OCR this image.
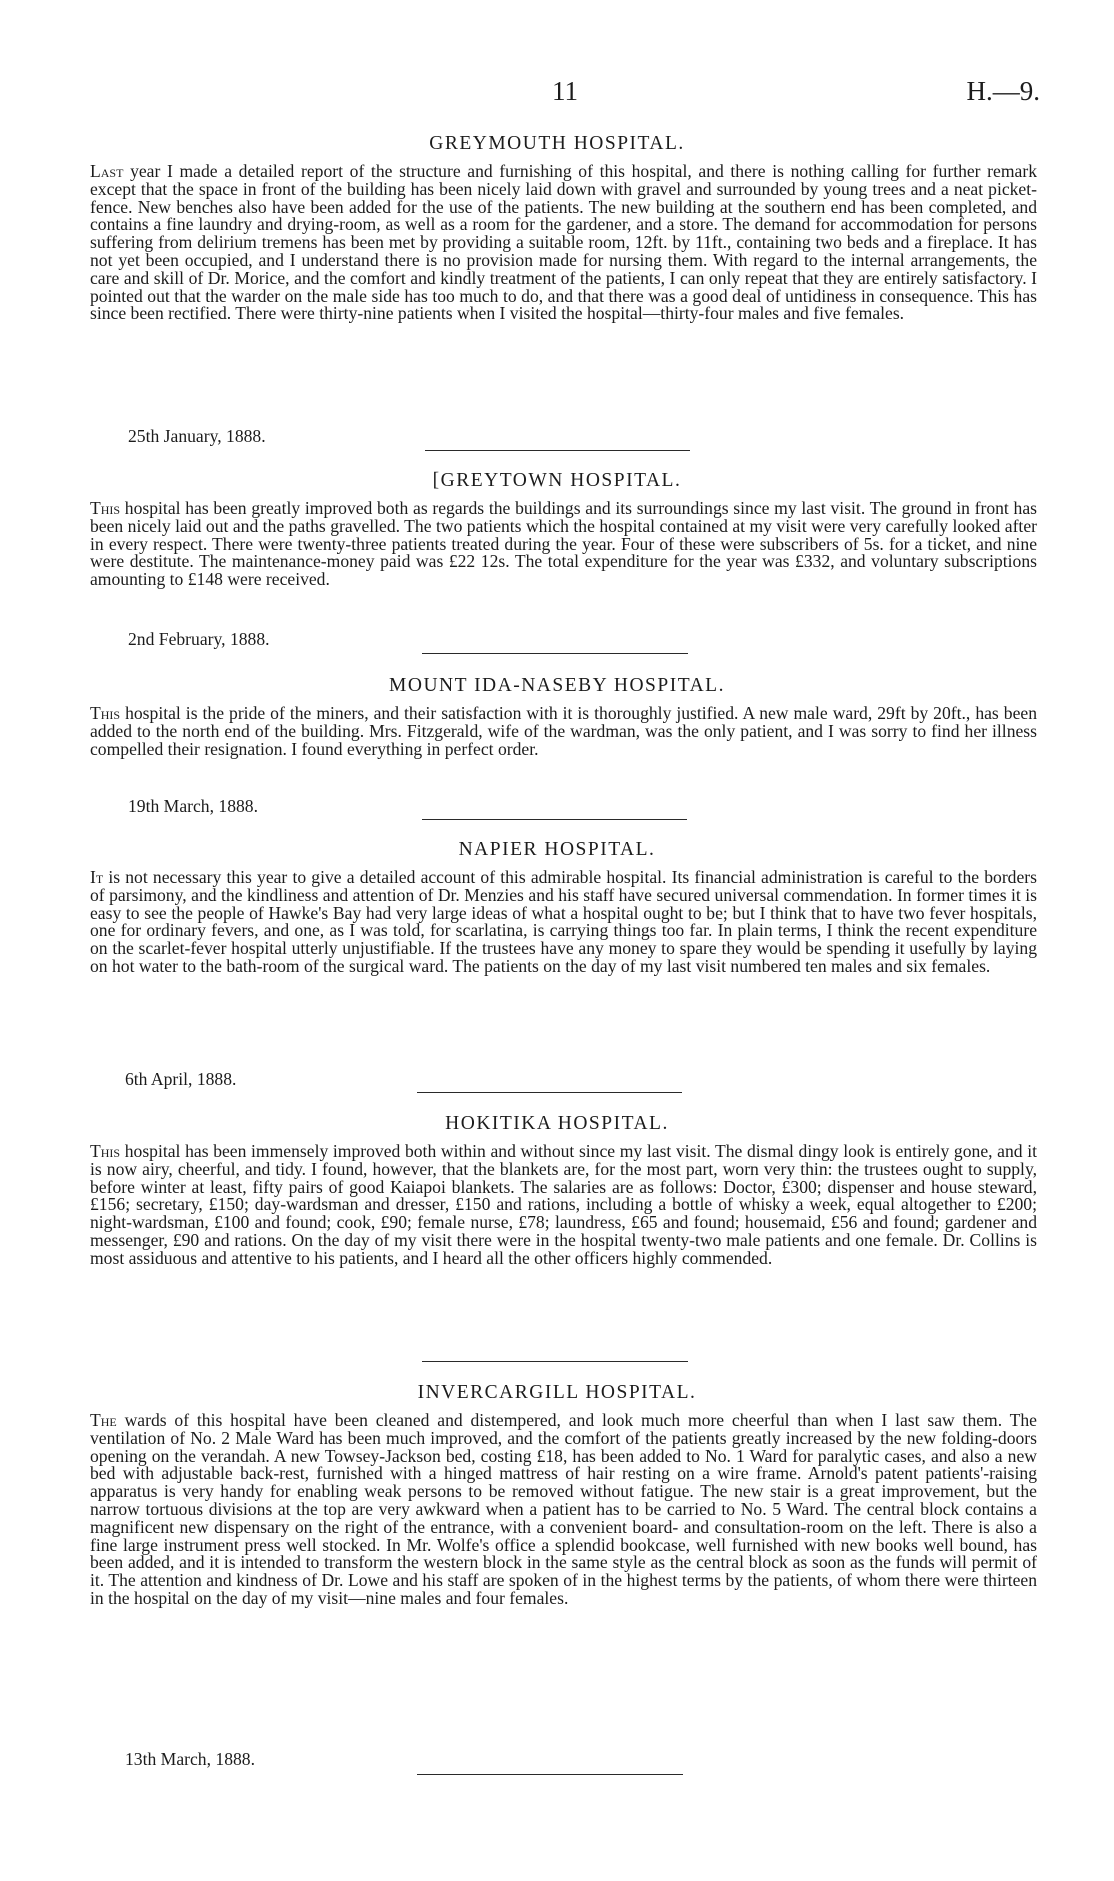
11	H.—9.
GREYMOUTH HOSPITAL.

Last year I made a detailed report of the structure and furnishing of this hospital, and there is nothing calling for further remark except that the space in front of the building has been nicely laid down with gravel and surrounded by young trees and a neat picket-fence. New benches also have been added for the use of the patients. The new building at the southern end has been completed, and contains a fine laundry and drying-room, as well as a room for the gardener, and a store. The demand for accommodation for persons suffering from delirium tremens has been met by providing a suitable room, 12ft. by 11ft., containing two beds and a fireplace. It has not yet been occupied, and I understand there is no provision made for nursing them. With regard to the internal arrangements, the care and skill of Dr. Morice, and the comfort and kindly treatment of the patients, I can only repeat that they are entirely satisfactory. I pointed out that the warder on the male side has too much to do, and that there was a good deal of untidiness in consequence. This has since been rectified. There were thirty-nine patients when I visited the hospital—thirty-four males and five females.

25th January, 1888.
[GREYTOWN HOSPITAL.

This hospital has been greatly improved both as regards the buildings and its surroundings since my last visit. The ground in front has been nicely laid out and the paths gravelled. The two patients which the hospital contained at my visit were very carefully looked after in every respect. There were twenty-three patients treated during the year. Four of these were subscribers of 5s. for a ticket, and nine were destitute. The maintenance-money paid was £22 12s. The total expenditure for the year was £332, and voluntary subscriptions amounting to £148 were received.

2nd February, 1888.
MOUNT IDA-NASEBY HOSPITAL.

This hospital is the pride of the miners, and their satisfaction with it is thoroughly justified. A new male ward, 29ft by 20ft., has been added to the north end of the building. Mrs. Fitzgerald, wife of the wardman, was the only patient, and I was sorry to find her illness compelled their resignation. I found everything in perfect order.

19th March, 1888.
NAPIER HOSPITAL.

It is not necessary this year to give a detailed account of this admirable hospital. Its financial administration is careful to the borders of parsimony, and the kindliness and attention of Dr. Menzies and his staff have secured universal commendation. In former times it is easy to see the people of Hawke's Bay had very large ideas of what a hospital ought to be; but I think that to have two fever hospitals, one for ordinary fevers, and one, as I was told, for scarlatina, is carrying things too far. In plain terms, I think the recent expenditure on the scarlet-fever hospital utterly unjustifiable. If the trustees have any money to spare they would be spending it usefully by laying on hot water to the bath-room of the surgical ward. The patients on the day of my last visit numbered ten males and six females.

6th April, 1888.
HOKITIKA HOSPITAL.

This hospital has been immensely improved both within and without since my last visit. The dismal dingy look is entirely gone, and it is now airy, cheerful, and tidy. I found, however, that the blankets are, for the most part, worn very thin: the trustees ought to supply, before winter at least, fifty pairs of good Kaiapoi blankets. The salaries are as follows: Doctor, £300; dispenser and house steward, £156; secretary, £150; day-wardsman and dresser, £150 and rations, including a bottle of whisky a week, equal altogether to £200; night-wardsman, £100 and found; cook, £90; female nurse, £78; laundress, £65 and found; housemaid, £56 and found; gardener and messenger, £90 and rations. On the day of my visit there were in the hospital twenty-two male patients and one female. Dr. Collins is most assiduous and attentive to his patients, and I heard all the other officers highly commended.

INVERCARGILL HOSPITAL.

The wards of this hospital have been cleaned and distempered, and look much more cheerful than when I last saw them. The ventilation of No. 2 Male Ward has been much improved, and the comfort of the patients greatly increased by the new folding-doors opening on the verandah. A new Towsey-Jackson bed, costing £18, has been added to No. 1 Ward for paralytic cases, and also a new bed with adjustable back-rest, furnished with a hinged mattress of hair resting on a wire frame. Arnold's patent patients'-raising apparatus is very handy for enabling weak persons to be removed without fatigue. The new stair is a great improvement, but the narrow tortuous divisions at the top are very awkward when a patient has to be carried to No. 5 Ward. The central block contains a magnificent new dispensary on the right of the entrance, with a convenient board- and consultation-room on the left. There is also a fine large instrument press well stocked. In Mr. Wolfe's office a splendid bookcase, well furnished with new books well bound, has been added, and it is intended to transform the western block in the same style as the central block as soon as the funds will permit of it. The attention and kindness of Dr. Lowe and his staff are spoken of in the highest terms by the patients, of whom there were thirteen in the hospital on the day of my visit—nine males and four females.

13th March, 1888.
